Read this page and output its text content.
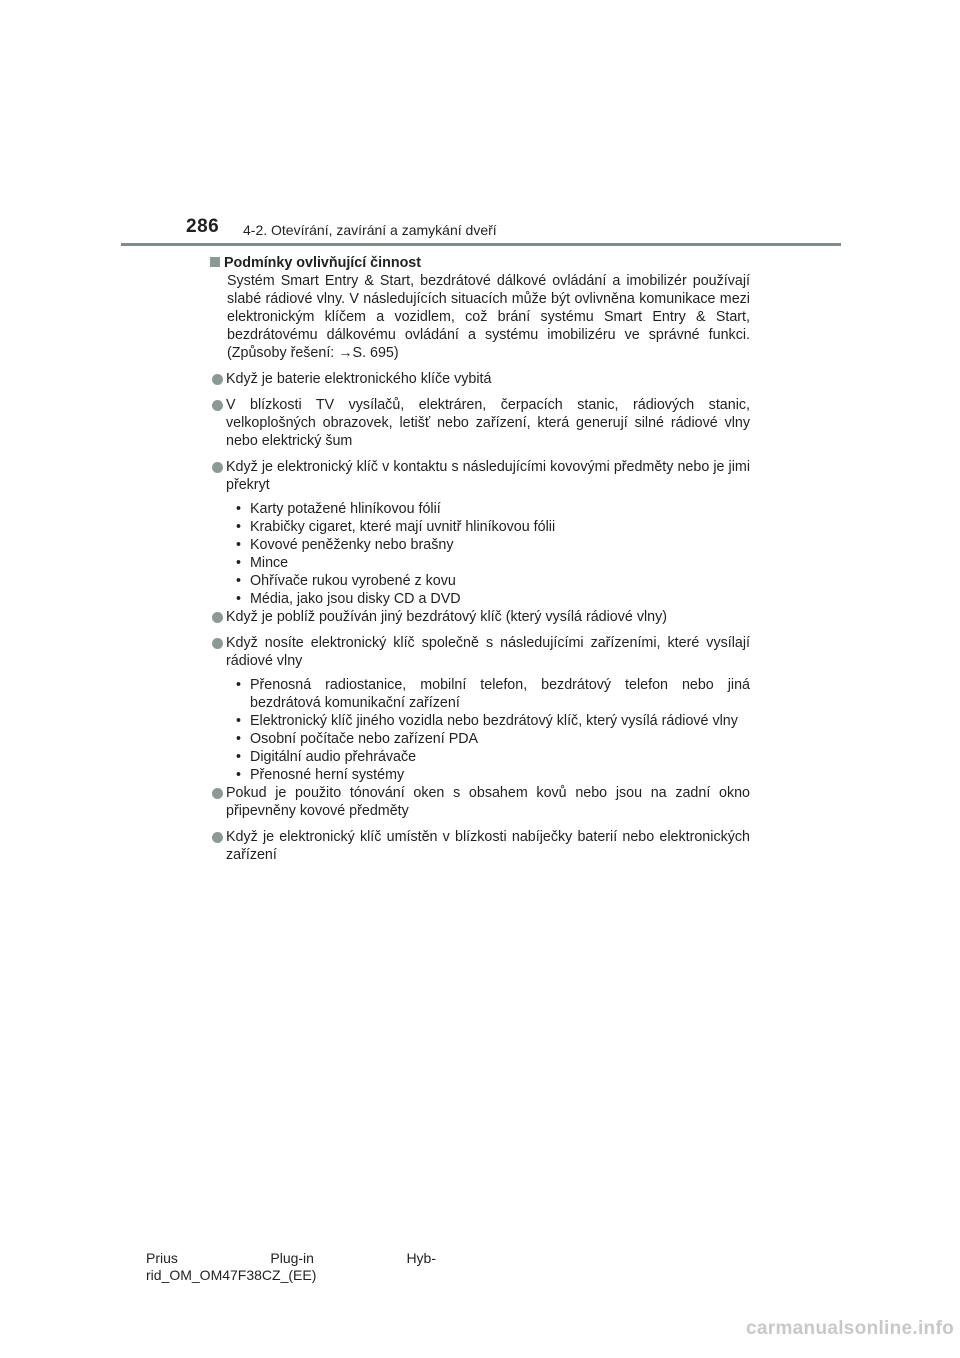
286 4-2. Otevírání, zavírání a zamykání dveří
Podmínky ovlivňující činnost

Systém Smart Entry & Start, bezdrátové dálkové ovládání a imobilizér používají slabé rádiové vlny. V následujících situacích může být ovlivněna komunikace mezi elektronickým klíčem a vozidlem, což brání systému Smart Entry & Start, bezdrátovému dálkovému ovládání a systému imobilizéru ve správné funkci. (Způsoby řešení: →S. 695)

Když je baterie elektronického klíče vybitá
V blízkosti TV vysílačů, elektráren, čerpacích stanic, rádiových stanic, velkoplošných obrazovek, letišť nebo zařízení, která generují silné rádiové vlny nebo elektrický šum
Když je elektronický klíč v kontaktu s následujícími kovovými předměty nebo je jimi překryt
• Karty potažené hliníkovou fólií
• Krabičky cigaret, které mají uvnitř hliníkovou fólii
• Kovové peněženky nebo brašny
• Mince
• Ohřívače rukou vyrobené z kovu
• Média, jako jsou disky CD a DVD
Když je poblíž používán jiný bezdrátový klíč (který vysílá rádiové vlny)
Když nosíte elektronický klíč společně s následujícími zařízeními, které vysílají rádiové vlny
• Přenosná radiostanice, mobilní telefon, bezdrátový telefon nebo jiná bezdrátová komunikační zařízení
• Elektronický klíč jiného vozidla nebo bezdrátový klíč, který vysílá rádiové vlny
• Osobní počítače nebo zařízení PDA
• Digitální audio přehrávače
• Přenosné herní systémy
Pokud je použito tónování oken s obsahem kovů nebo jsou na zadní okno připevněny kovové předměty
Když je elektronický klíč umístěn v blízkosti nabíječky baterií nebo elektronických zařízení
Prius	Plug-in	Hyb-
rid_OM_OM47F38CZ_(EE)
carmanualsonline.info
